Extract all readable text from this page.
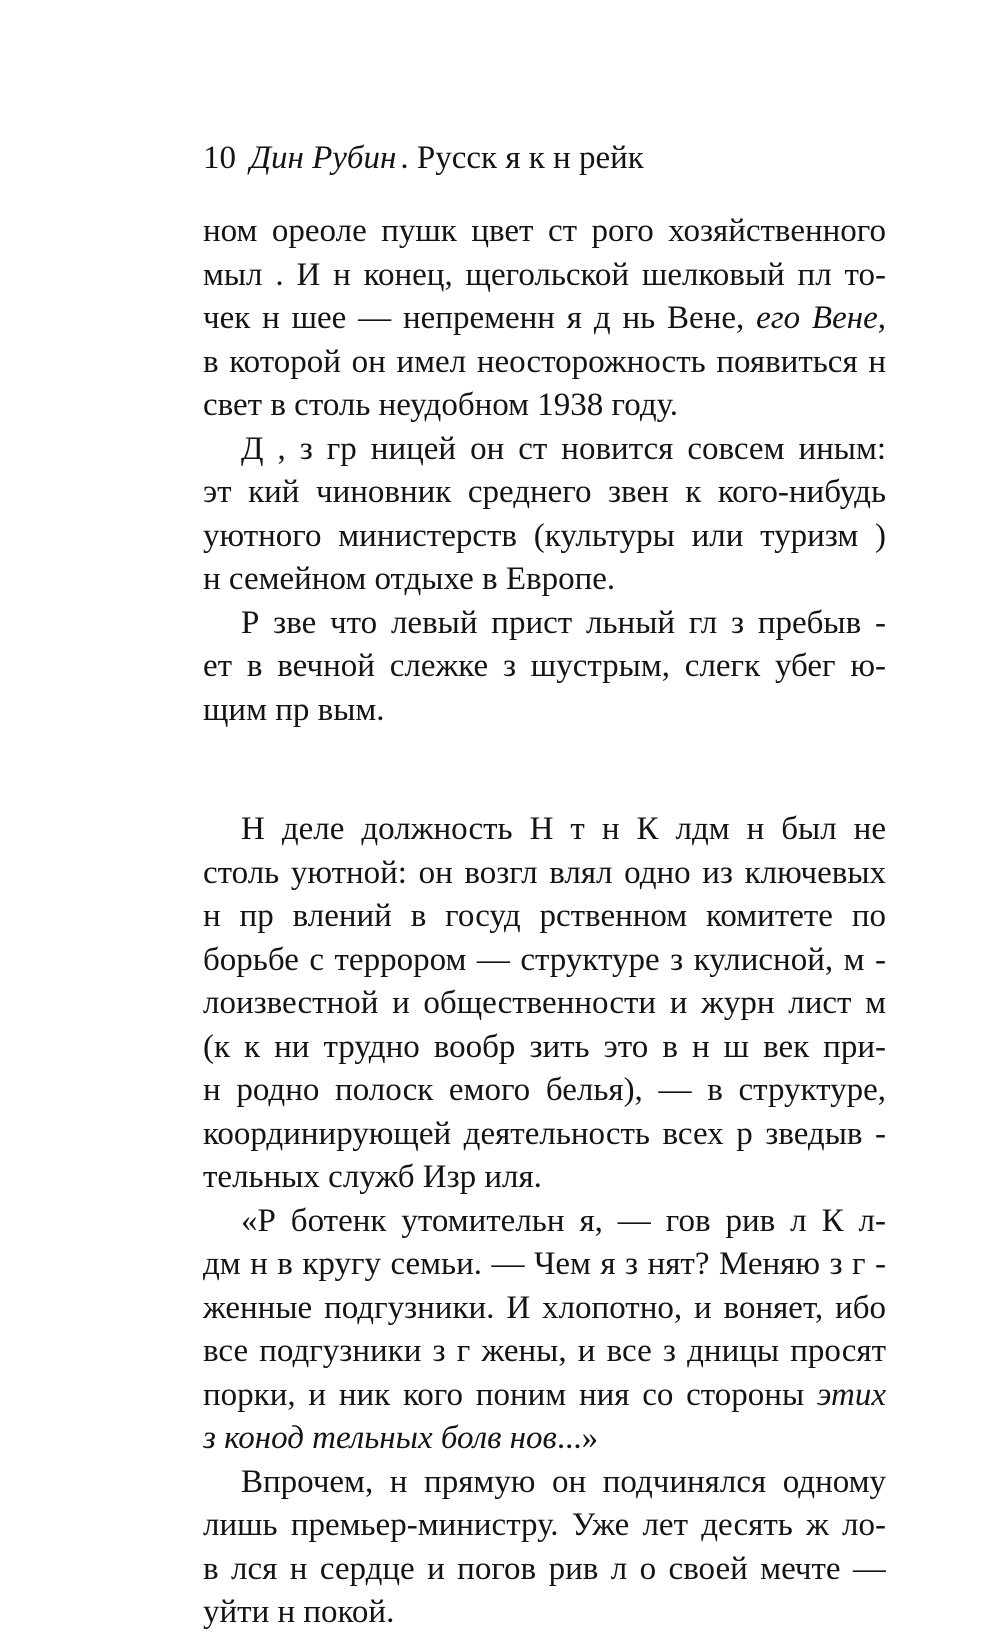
10 Дин Рубин . Русск я к н рейк
ном ореоле пушк цвет ст рого хозяйственного
мыл . И н конец, щегольской шелковый пл то-
чек н шее — непременн я д нь Вене, его Вене,
в которой он имел неосторожность появиться н
свет в столь неудобном 1938 году.
Д , з гр ницей он ст новится совсем иным:
эт кий чиновник среднего звен к кого-нибудь
уютного министерств (культуры или туризм )
н семейном отдыхе в Европе.
Р зве что левый прист льный гл з пребыв -
ет в вечной слежке з шустрым, слегк убег ю-
щим пр вым.
Н деле должность Н т н К лдм н был не
столь уютной: он возгл влял одно из ключевых
н пр влений в госуд рственном комитете по
борьбе с террором — структуре з кулисной, м -
лоизвестной и общественности и журн лист м
(к к ни трудно вообр зить это в н ш век при-
н родно полоск емого белья), — в структуре,
координирующей деятельность всех р зведыв -
тельных служб Изр иля.
«Р ботенк утомительн я, — гов рив л К л-
дм н в кругу семьи. — Чем я з нят? Меняю з г -
женные подгузники. И хлопотно, и воняет, ибо
все подгузники з г жены, и все з дницы просят
порки, и ник кого поним ния со стороны этих
з конод тельных болв нов...»
Впрочем, н прямую он подчинялся одному
лишь премьер-министру. Уже лет десять ж ло-
в лся н сердце и погов рив л о своей мечте —
уйти н покой.
